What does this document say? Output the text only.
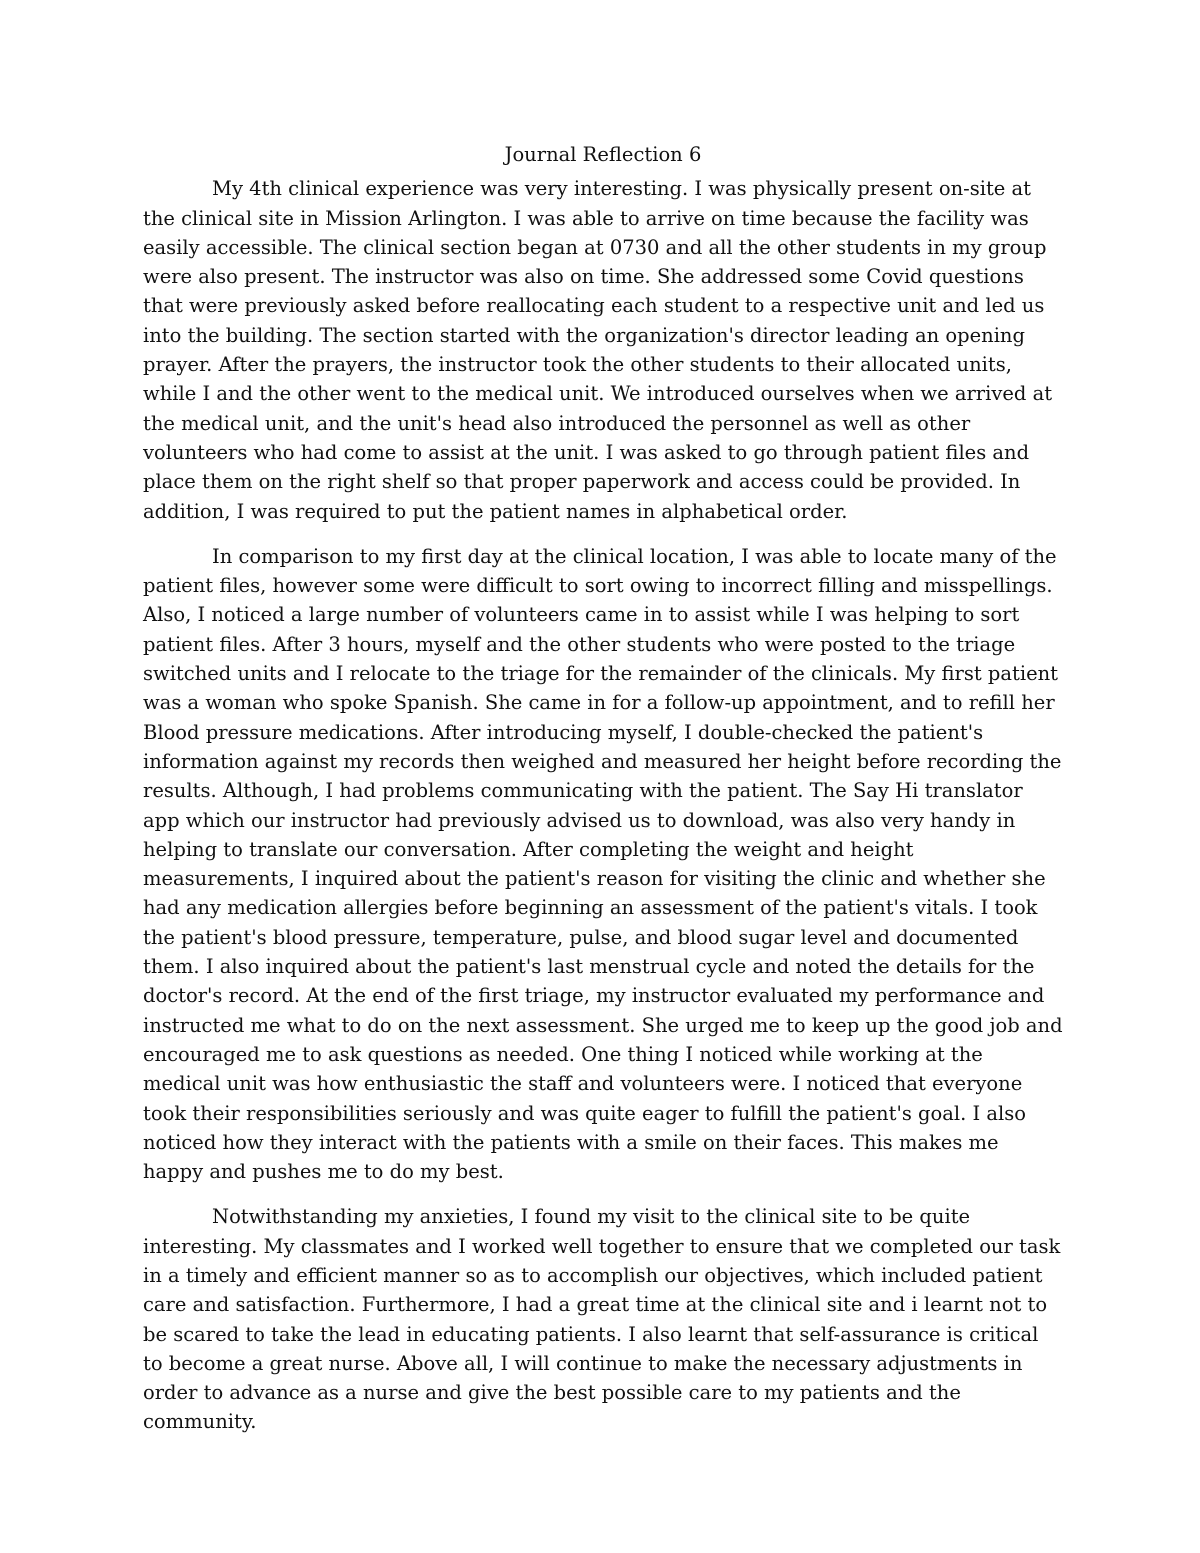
Journal Reflection 6

My 4th clinical experience was very interesting. I was physically present on-site at the clinical site in Mission Arlington. I was able to arrive on time because the facility was easily accessible. The clinical section began at 0730 and all the other students in my group were also present. The instructor was also on time. She addressed some Covid questions that were previously asked before reallocating each student to a respective unit and led us into the building. The section started with the organization's director leading an opening prayer. After the prayers, the instructor took the other students to their allocated units, while I and the other went to the medical unit. We introduced ourselves when we arrived at the medical unit, and the unit's head also introduced the personnel as well as other volunteers who had come to assist at the unit. I was asked to go through patient files and place them on the right shelf so that proper paperwork and access could be provided. In addition, I was required to put the patient names in alphabetical order.

In comparison to my first day at the clinical location, I was able to locate many of the patient files, however some were difficult to sort owing to incorrect filling and misspellings. Also, I noticed a large number of volunteers came in to assist while I was helping to sort patient files. After 3 hours, myself and the other students who were posted to the triage switched units and I relocate to the triage for the remainder of the clinicals. My first patient was a woman who spoke Spanish. She came in for a follow-up appointment, and to refill her Blood pressure medications. After introducing myself, I double-checked the patient's information against my records then weighed and measured her height before recording the results. Although, I had problems communicating with the patient. The Say Hi translator app which our instructor had previously advised us to download, was also very handy in helping to translate our conversation. After completing the weight and height measurements, I inquired about the patient's reason for visiting the clinic and whether she had any medication allergies before beginning an assessment of the patient's vitals. I took the patient's blood pressure, temperature, pulse, and blood sugar level and documented them. I also inquired about the patient's last menstrual cycle and noted the details for the doctor's record. At the end of the first triage, my instructor evaluated my performance and instructed me what to do on the next assessment. She urged me to keep up the good job and encouraged me to ask questions as needed. One thing I noticed while working at the medical unit was how enthusiastic the staff and volunteers were. I noticed that everyone took their responsibilities seriously and was quite eager to fulfill the patient's goal. I also noticed how they interact with the patients with a smile on their faces. This makes me happy and pushes me to do my best.

Notwithstanding my anxieties, I found my visit to the clinical site to be quite interesting. My classmates and I worked well together to ensure that we completed our task in a timely and efficient manner so as to accomplish our objectives, which included patient care and satisfaction. Furthermore, I had a great time at the clinical site and i learnt not to be scared to take the lead in educating patients. I also learnt that self-assurance is critical to become a great nurse. Above all, I will continue to make the necessary adjustments in order to advance as a nurse and give the best possible care to my patients and the community.
